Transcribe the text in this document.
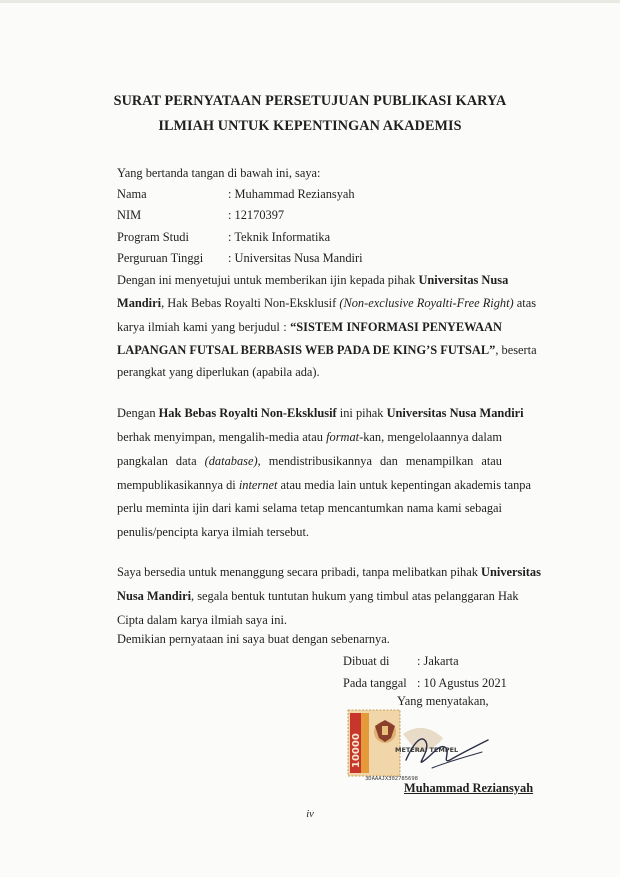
SURAT PERNYATAAN PERSETUJUAN PUBLIKASI KARYA
ILMIAH UNTUK KEPENTINGAN AKADEMIS
Yang bertanda tangan di bawah ini, saya:
Nama	: Muhammad Reziansyah
NIM	: 12170397
Program Studi	: Teknik Informatika
Perguruan Tinggi : Universitas Nusa Mandiri
Dengan ini menyetujui untuk memberikan ijin kepada pihak Universitas Nusa
Mandiri, Hak Bebas Royalti Non-Eksklusif (Non-exclusive Royalti-Free Right) atas
karya ilmiah kami yang berjudul : “SISTEM INFORMASI PENYEWAAN
LAPANGAN FUTSAL BERBASIS WEB PADA DE KING’S FUTSAL”, beserta
perangkat yang diperlukan (apabila ada).
Dengan Hak Bebas Royalti Non-Eksklusif ini pihak Universitas Nusa Mandiri
berhak menyimpan, mengalih-media atau format-kan, mengelolaannya dalam
pangkalan data (database), mendistribusikannya dan menampilkan atau
mempublikasikannya di internet atau media lain untuk kepentingan akademis tanpa
perlu meminta ijin dari kami selama tetap mencantumkan nama kami sebagai
penulis/pencipta karya ilmiah tersebut.
Saya bersedia untuk menanggung secara pribadi, tanpa melibatkan pihak Universitas
Nusa Mandiri, segala bentuk tuntutan hukum yang timbul atas pelanggaran Hak
Cipta dalam karya ilmiah saya ini.
Demikian pernyataan ini saya buat dengan sebenarnya.
Dibuat di : Jakarta
Pada tanggal : 10 Agustus 2021
Yang menyatakan,
10000	METERAI TEMPEL
3DAAAJX302785698
Muhammad Reziansyah
iv
